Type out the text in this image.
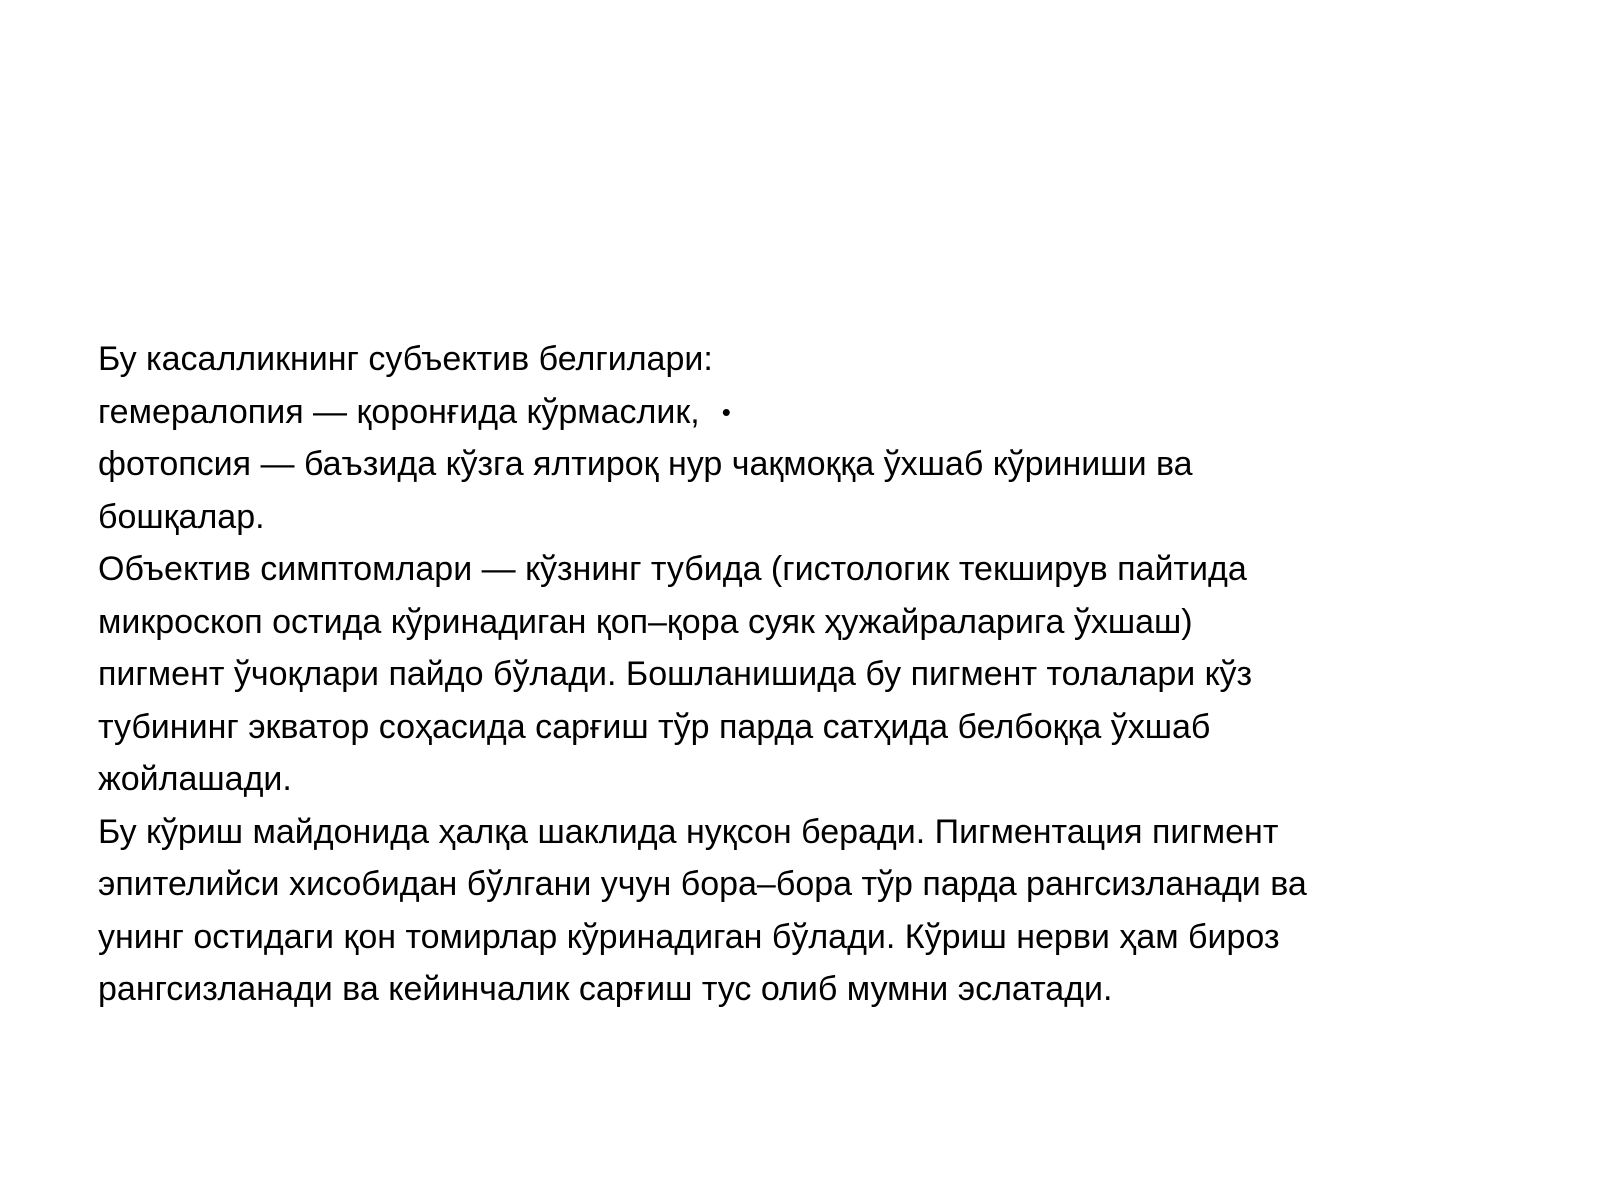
Бу касалликнинг субъектив белгилари:
гемералопия — қоронғида кўрмаслик, •
фотопсия — баъзида кўзга ялтироқ нур чақмоққа ўхшаб кўриниши ва
бошқалар.
Объектив симптомлари — кўзнинг тубида (гистологик текширув пайтида
микроскоп остида кўринадиган қоп–қора суяк ҳужайраларига ўхшаш)
пигмент ўчоқлари пайдо бўлади. Бошланишида бу пигмент толалари кўз
тубининг экватор соҳасида сарғиш тўр парда сатҳида белбоққа ўхшаб
жойлашади.
Бу кўриш майдонида ҳалқа шаклида нуқсон беради. Пигментация пигмент
эпителийси хисобидан бўлгани учун бора–бора тўр парда рангсизланади ва
унинг остидаги қон томирлар кўринадиган бўлади. Кўриш нерви ҳам бироз
рангсизланади ва кейинчалик сарғиш тус олиб мумни эслатади.
